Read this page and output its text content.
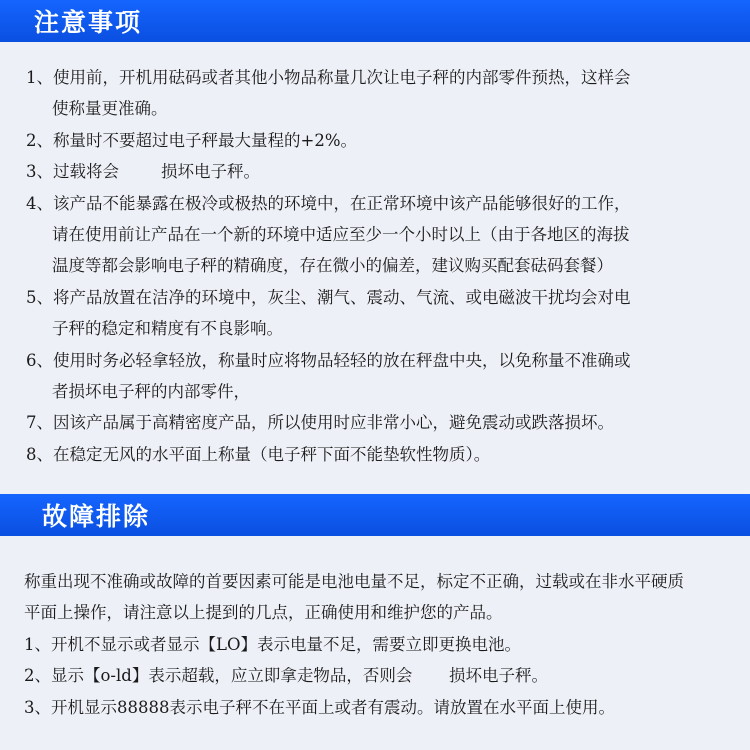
注意事项
1、使用前，开机用砝码或者其他小物品称量几次让电子秤的内部零件预热，这样会
使称量更准确。
2、称量时不要超过电子秤最大量程的+2%。
3、过载将会        损坏电子秤。
4、该产品不能暴露在极冷或极热的环境中，在正常环境中该产品能够很好的工作，
请在使用前让产品在一个新的环境中适应至少一个小时以上（由于各地区的海拔
温度等都会影响电子秤的精确度，存在微小的偏差，建议购买配套砝码套餐）
5、将产品放置在洁净的环境中，灰尘、潮气、震动、气流、或电磁波干扰均会对电
子秤的稳定和精度有不良影响。
6、使用时务必轻拿轻放，称量时应将物品轻轻的放在秤盘中央，以免称量不准确或
者损坏电子秤的内部零件，
7、因该产品属于高精密度产品，所以使用时应非常小心，避免震动或跌落损坏。
8、在稳定无风的水平面上称量（电子秤下面不能垫软性物质）。
故障排除
称重出现不准确或故障的首要因素可能是电池电量不足，标定不正确，过载或在非水平硬质
平面上操作，请注意以上提到的几点，正确使用和维护您的产品。
1、开机不显示或者显示【LO】表示电量不足，需要立即更换电池。
2、显示【o-ld】表示超载，应立即拿走物品，否则会       损坏电子秤。
3、开机显示88888表示电子秤不在平面上或者有震动。请放置在水平面上使用。
